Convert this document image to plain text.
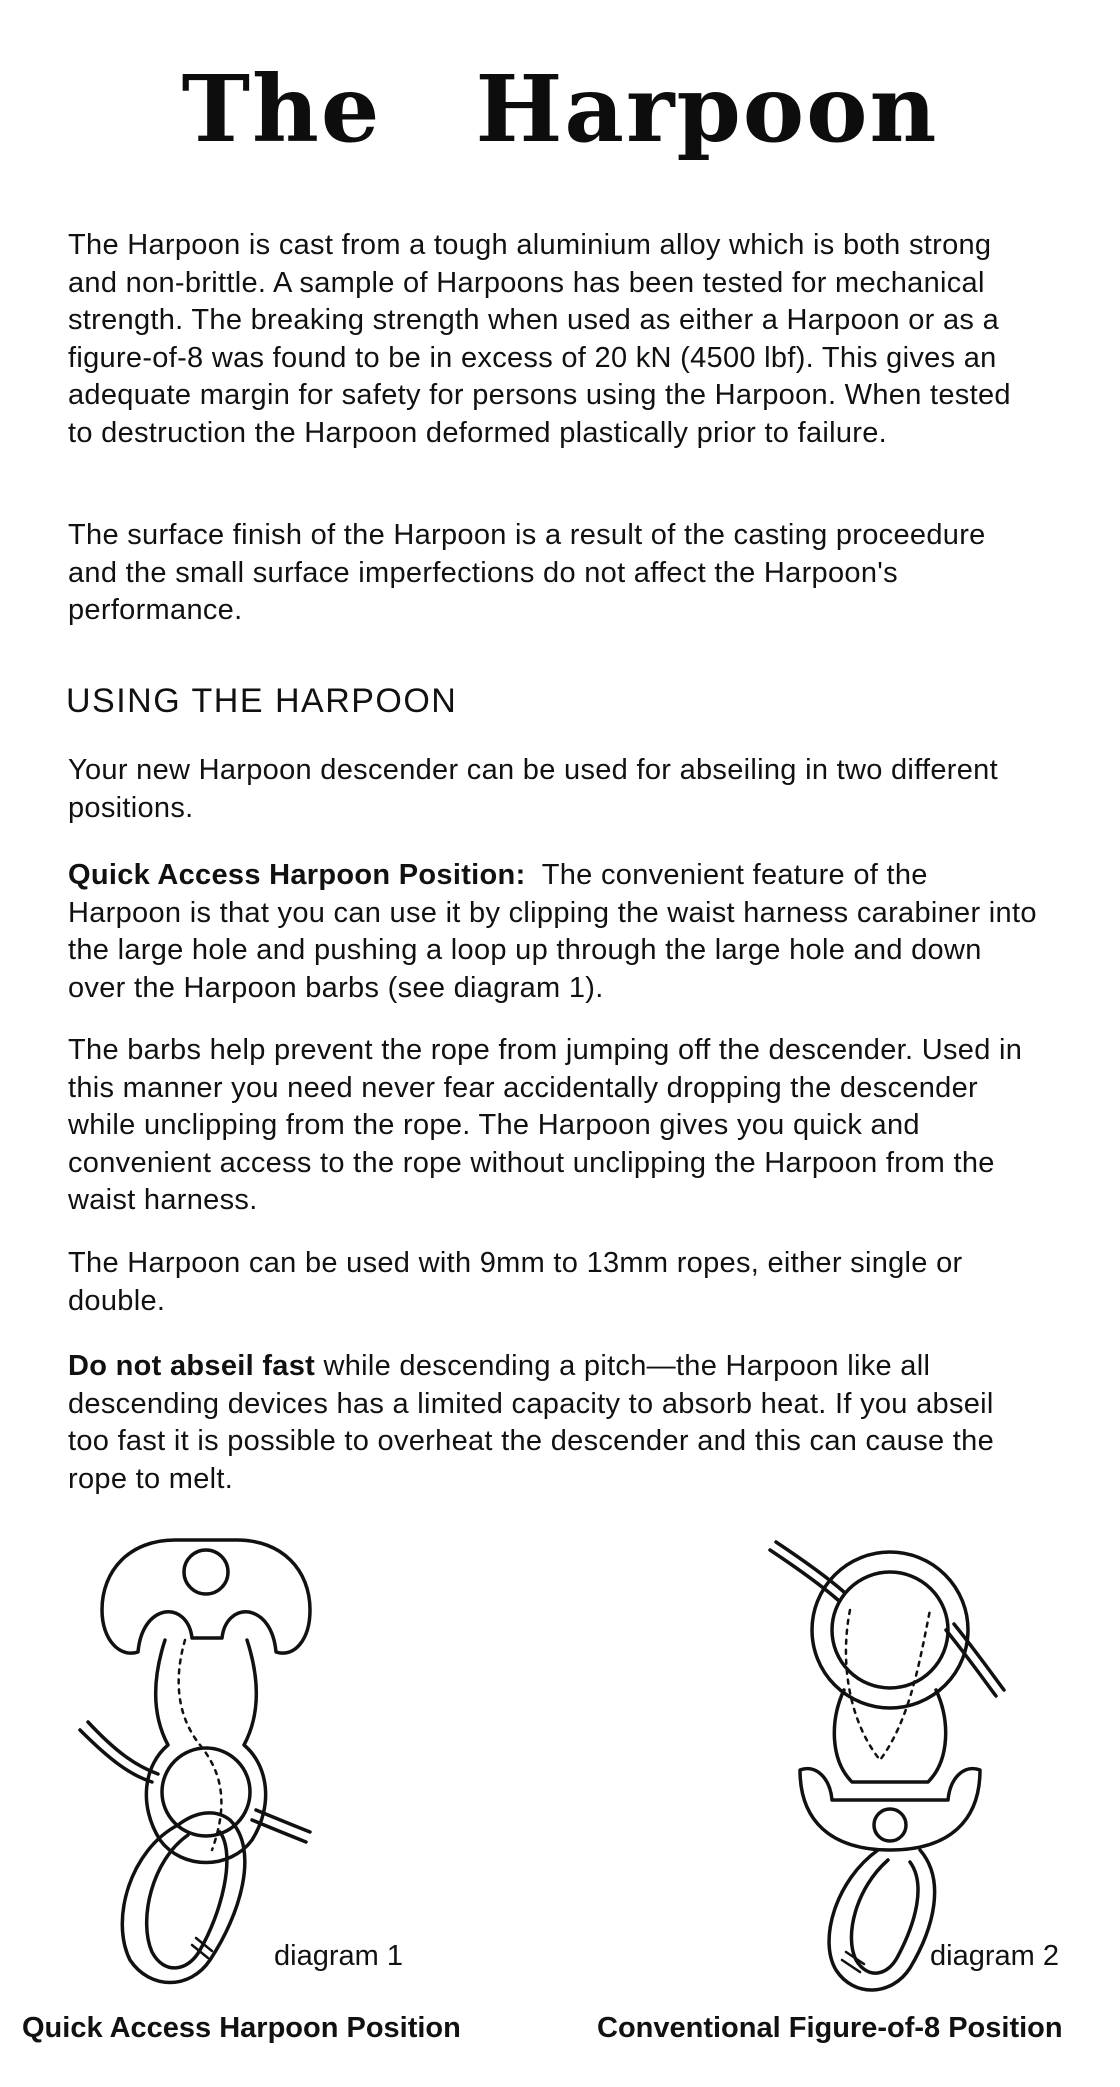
The Harpoon

The Harpoon is cast from a tough aluminium alloy which is both strong and non-brittle. A sample of Harpoons has been tested for mechanical strength. The breaking strength when used as either a Harpoon or as a figure-of-8 was found to be in excess of 20 kN (4500 lbf). This gives an adequate margin for safety for persons using the Harpoon. When tested to destruction the Harpoon deformed plastically prior to failure.

The surface finish of the Harpoon is a result of the casting proceedure and the small surface imperfections do not affect the Harpoon's performance.

USING THE HARPOON

Your new Harpoon descender can be used for abseiling in two different positions.

Quick Access Harpoon Position: The convenient feature of the Harpoon is that you can use it by clipping the waist harness carabiner into the large hole and pushing a loop up through the large hole and down over the Harpoon barbs (see diagram 1).

The barbs help prevent the rope from jumping off the descender. Used in this manner you need never fear accidentally dropping the descender while unclipping from the rope. The Harpoon gives you quick and convenient access to the rope without unclipping the Harpoon from the waist harness.

The Harpoon can be used with 9mm to 13mm ropes, either single or double.

Do not abseil fast while descending a pitch—the Harpoon like all descending devices has a limited capacity to absorb heat. If you abseil too fast it is possible to overheat the descender and this can cause the rope to melt.

diagram 1
Quick Access Harpoon Position
diagram 2
Conventional Figure-of-8 Position
